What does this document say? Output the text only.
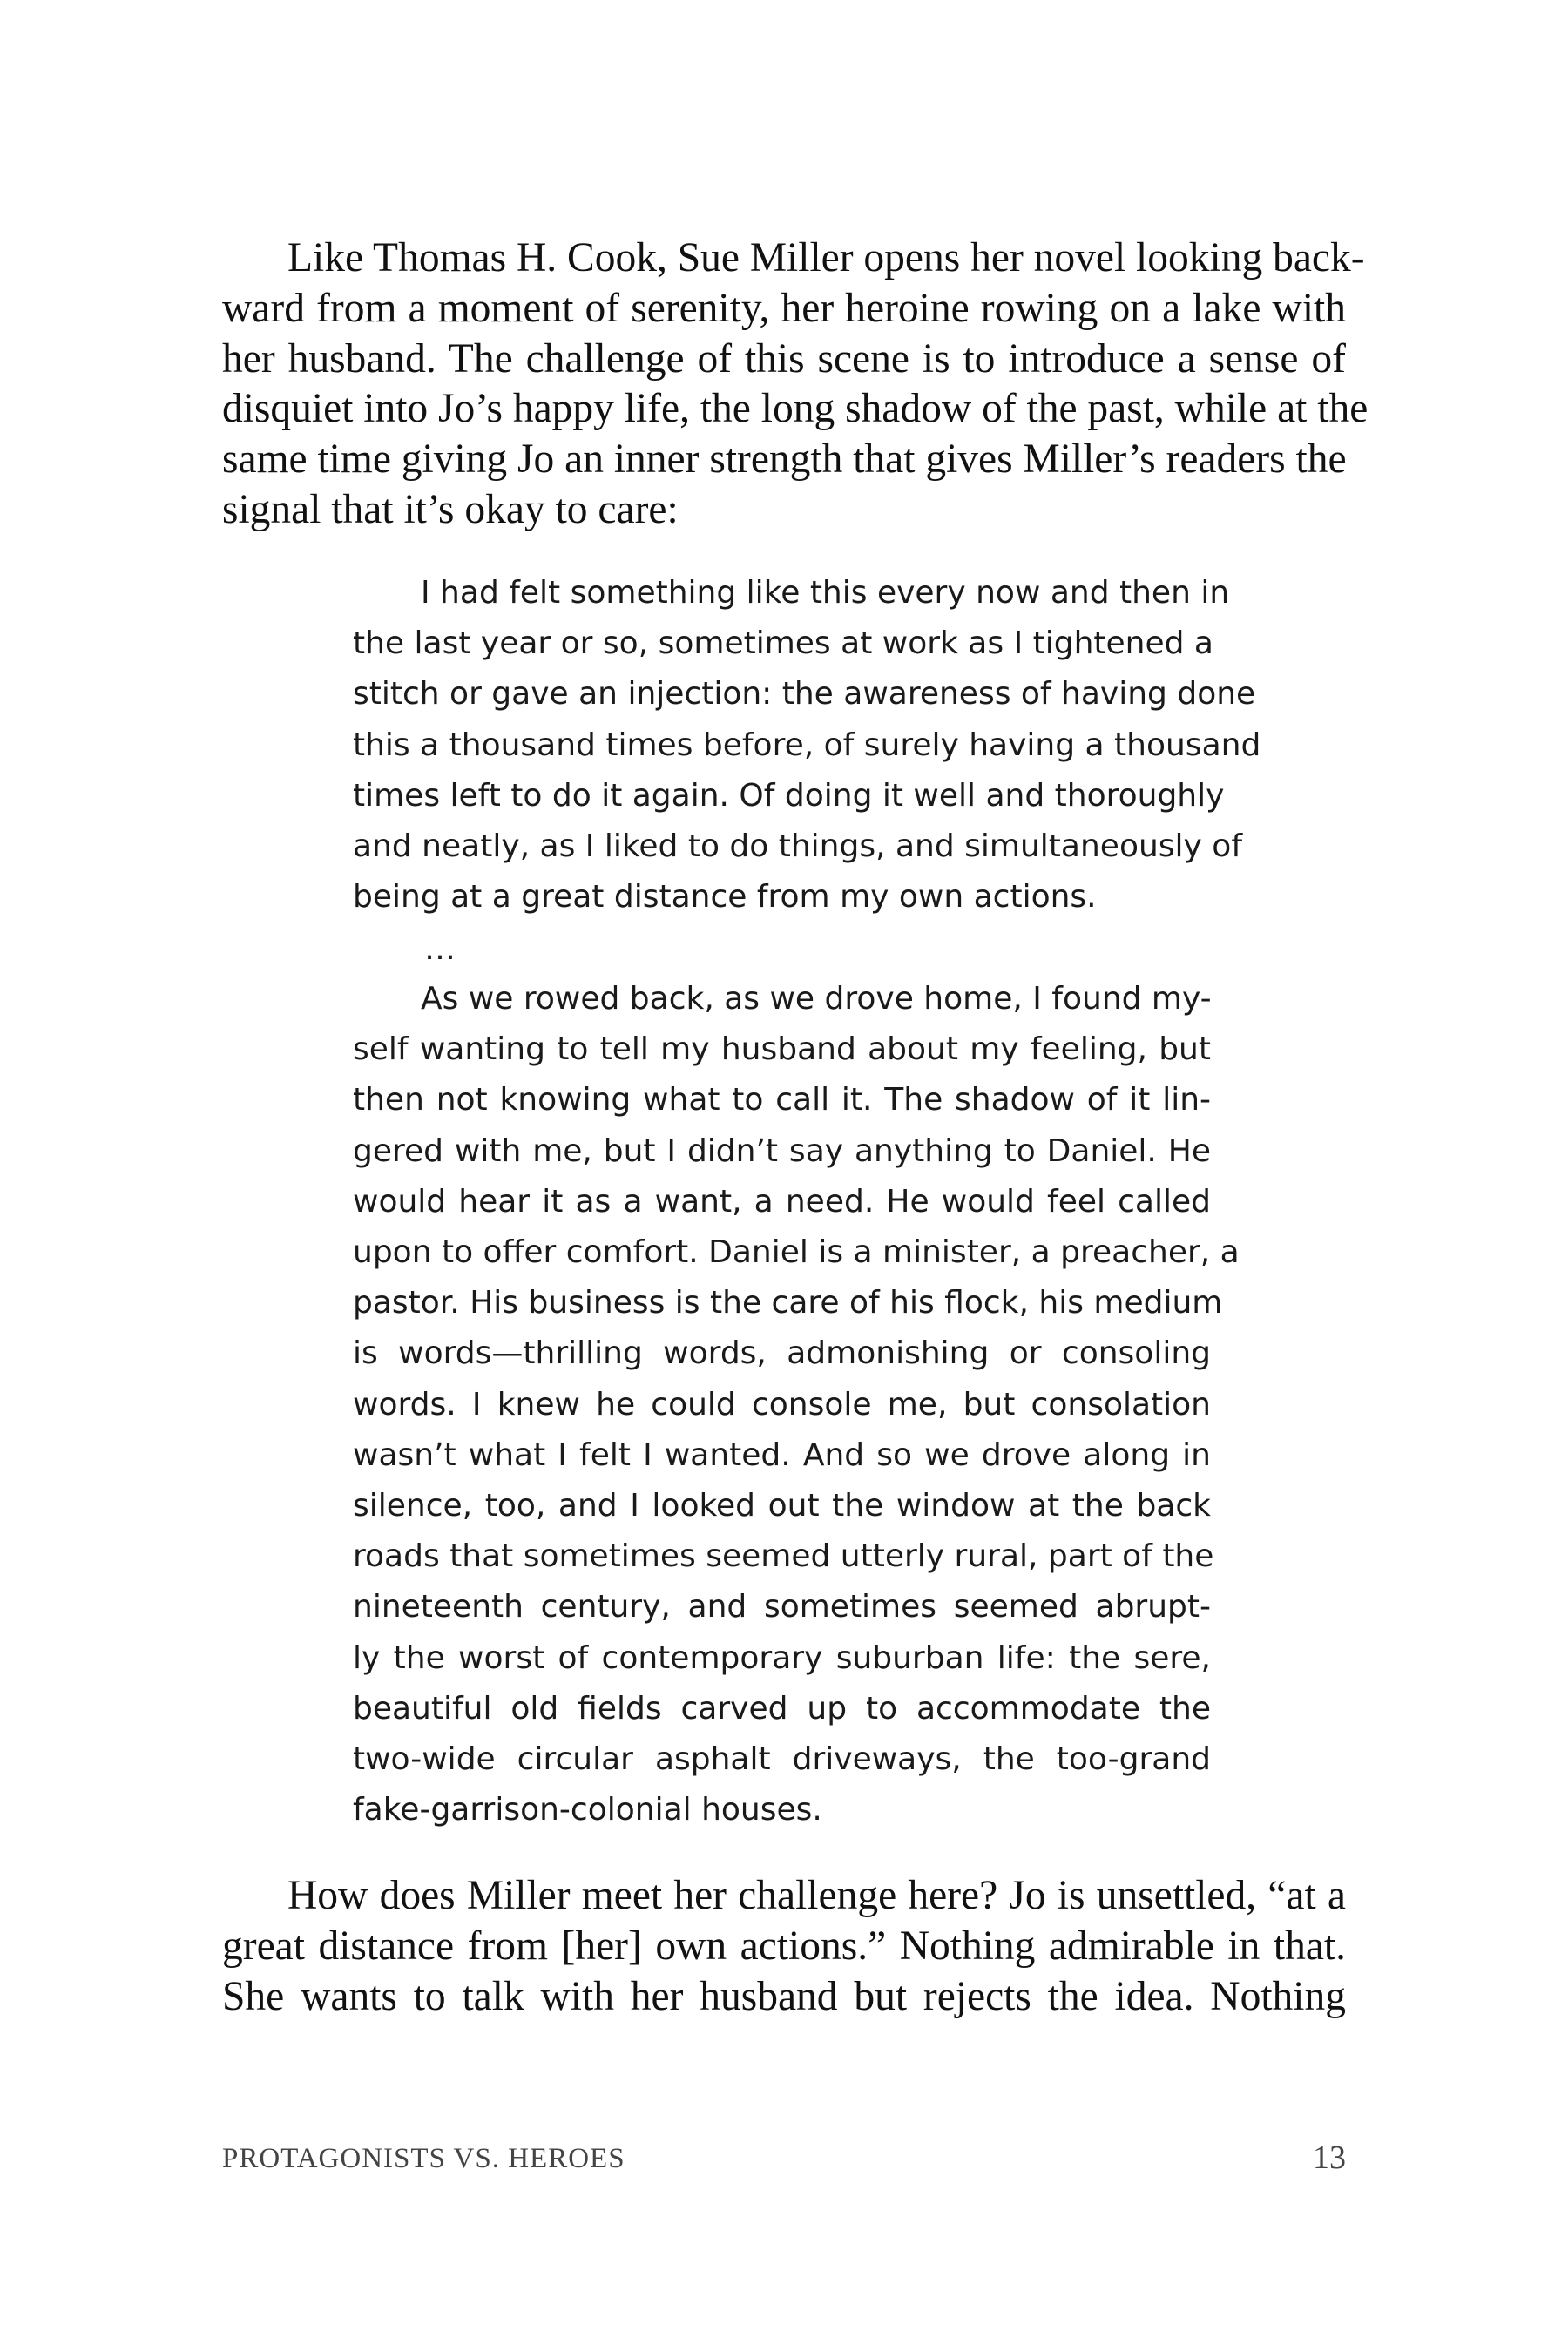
Like Thomas H. Cook, Sue Miller opens her novel looking back-
ward from a moment of serenity, her heroine rowing on a lake with
her husband. The challenge of this scene is to introduce a sense of
disquiet into Jo’s happy life, the long shadow of the past, while at the
same time giving Jo an inner strength that gives Miller’s readers the
signal that it’s okay to care:
I had felt something like this every now and then in
the last year or so, sometimes at work as I tightened a
stitch or gave an injection: the awareness of having done
this a thousand times before, of surely having a thousand
times left to do it again. Of doing it well and thoroughly
and neatly, as I liked to do things, and simultaneously of
being at a great distance from my own actions.
…
As we rowed back, as we drove home, I found my-
self wanting to tell my husband about my feeling, but
then not knowing what to call it. The shadow of it lin-
gered with me, but I didn’t say anything to Daniel. He
would hear it as a want, a need. He would feel called
upon to offer comfort. Daniel is a minister, a preacher, a
pastor. His business is the care of his flock, his medium
is words—thrilling words, admonishing or consoling
words. I knew he could console me, but consolation
wasn’t what I felt I wanted. And so we drove along in
silence, too, and I looked out the window at the back
roads that sometimes seemed utterly rural, part of the
nineteenth century, and sometimes seemed abrupt-
ly the worst of contemporary suburban life: the sere,
beautiful old fields carved up to accommodate the
two-wide circular asphalt driveways, the too-grand
fake-garrison-colonial houses.
How does Miller meet her challenge here? Jo is unsettled, “at a
great distance from [her] own actions.” Nothing admirable in that.
She wants to talk with her husband but rejects the idea. Nothing
PROTAGONISTS VS. HEROES	13
